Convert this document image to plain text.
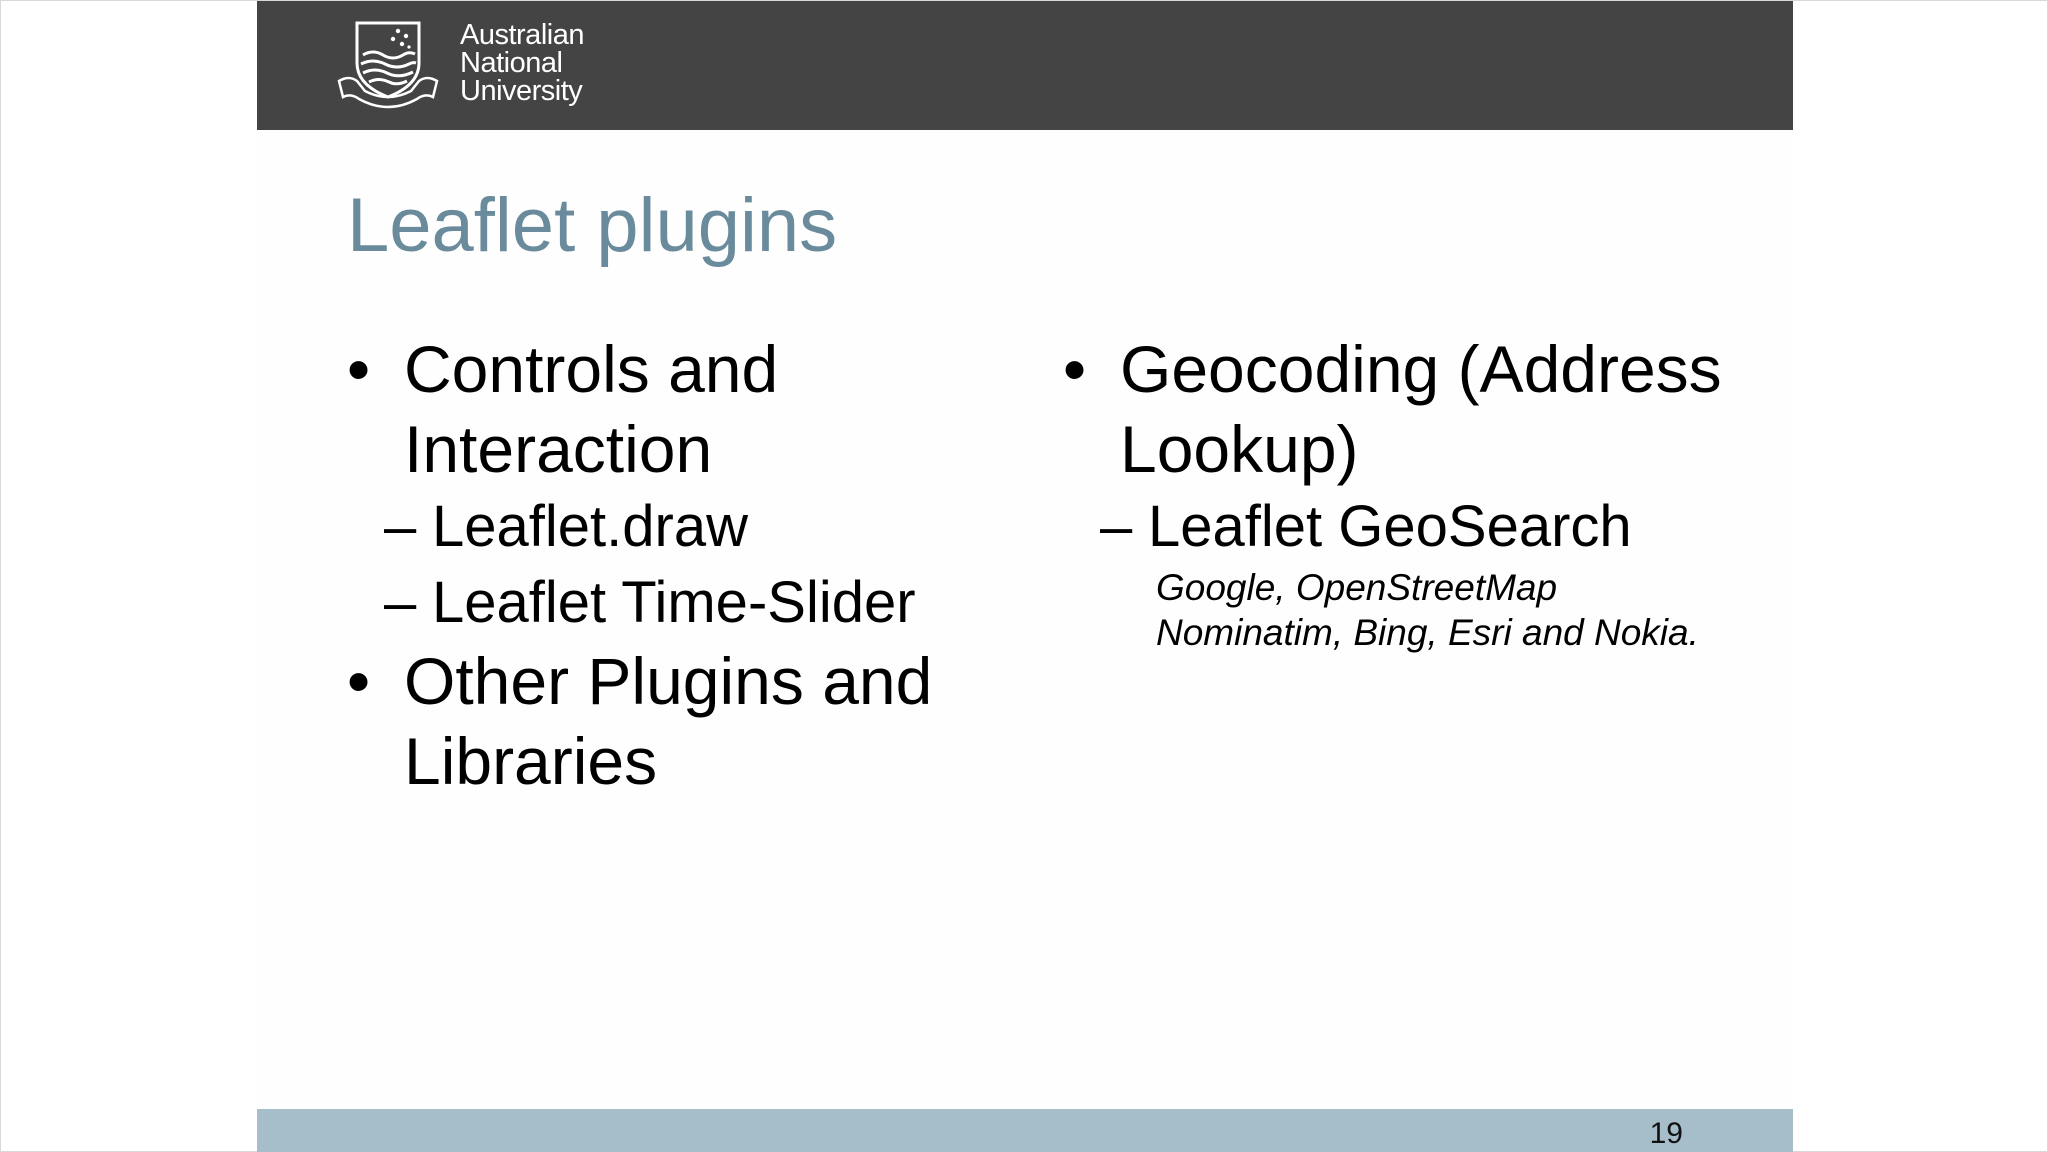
Australian
National
University
Leaflet plugins
• Controls and Interaction
– Leaflet.draw
– Leaflet Time-Slider
• Other Plugins and Libraries
• Geocoding (Address Lookup)
– Leaflet GeoSearch
Google, OpenStreetMap Nominatim, Bing, Esri and Nokia.
19
